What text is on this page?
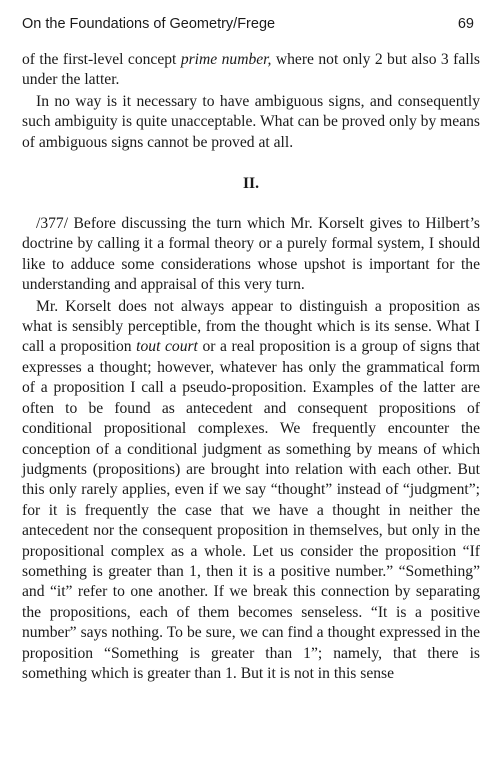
On the Foundations of Geometry/Frege	69

of the first-level concept prime number, where not only 2 but also 3 falls under the latter.

In no way is it necessary to have ambiguous signs, and consequently such ambiguity is quite unacceptable. What can be proved only by means of ambiguous signs cannot be proved at all.

II.

/377/ Before discussing the turn which Mr. Korselt gives to Hilbert’s doctrine by calling it a formal theory or a purely formal system, I should like to adduce some considerations whose upshot is important for the understanding and appraisal of this very turn.

Mr. Korselt does not always appear to distinguish a proposition as what is sensibly perceptible, from the thought which is its sense. What I call a proposition tout court or a real proposition is a group of signs that expresses a thought; however, whatever has only the grammatical form of a proposition I call a pseudo-proposition. Examples of the latter are often to be found as antecedent and consequent propositions of conditional propositional complexes. We frequently encounter the conception of a conditional judgment as something by means of which judgments (propositions) are brought into relation with each other. But this only rarely applies, even if we say “thought” instead of “judgment”; for it is frequently the case that we have a thought in neither the antecedent nor the consequent proposition in themselves, but only in the propositional complex as a whole. Let us consider the proposition “If something is greater than 1, then it is a positive number.” “Something” and “it” refer to one another. If we break this connection by separating the propositions, each of them becomes senseless. “It is a positive number” says nothing. To be sure, we can find a thought expressed in the proposition “Something is greater than 1”; namely, that there is something which is greater than 1. But it is not in this sense
